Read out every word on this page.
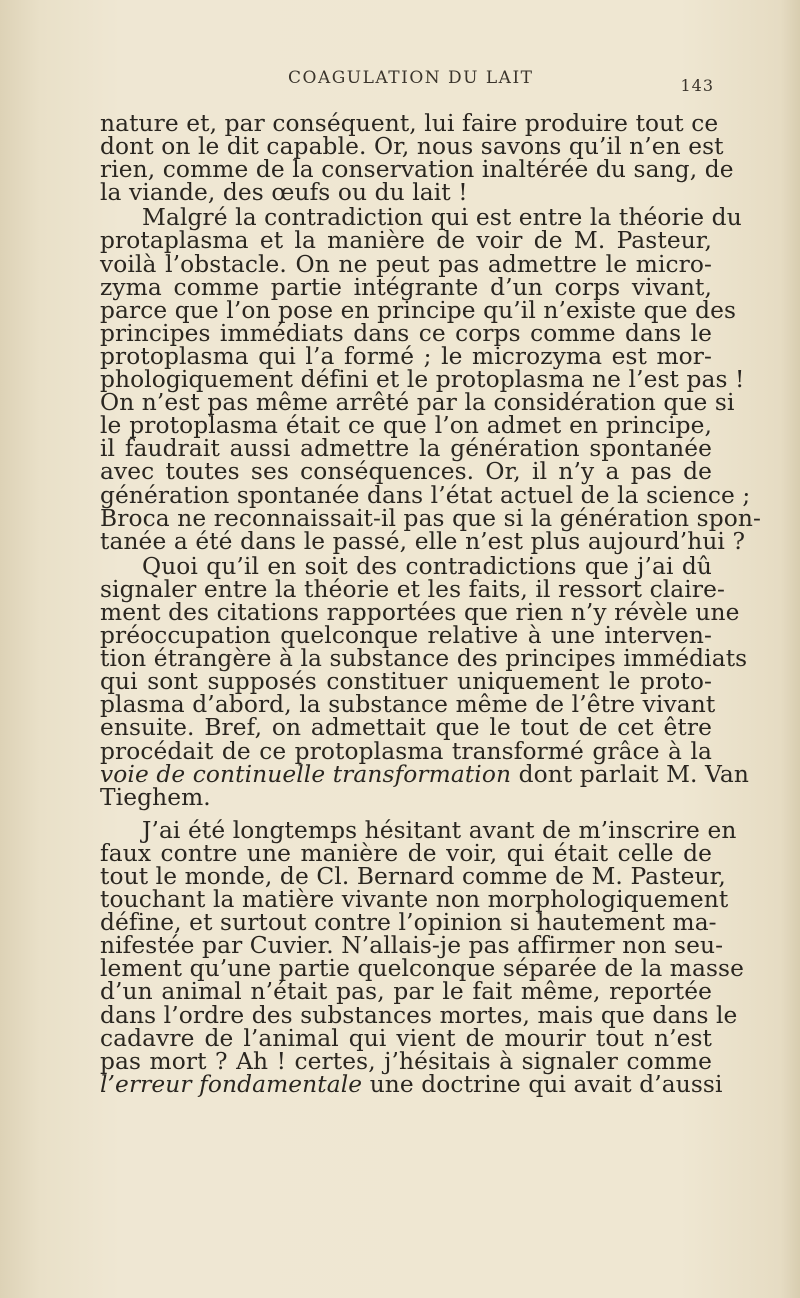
COAGULATION DU LAIT	143

nature et, par conséquent, lui faire produire tout ce
dont on le dit capable. Or, nous savons qu’il n’en est
rien, comme de la conservation inaltérée du sang, de
la viande, des œufs ou du lait !

Malgré la contradiction qui est entre la théorie du
protaplasma et la manière de voir de M. Pasteur,
voilà l’obstacle. On ne peut pas admettre le micro-
zyma comme partie intégrante d’un corps vivant,
parce que l’on pose en principe qu’il n’existe que des
principes immédiats dans ce corps comme dans le
protoplasma qui l’a formé ; le microzyma est mor-
phologiquement défini et le protoplasma ne l’est pas !
On n’est pas même arrêté par la considération que si
le protoplasma était ce que l’on admet en principe,
il faudrait aussi admettre la génération spontanée
avec toutes ses conséquences. Or, il n’y a pas de
génération spontanée dans l’état actuel de la science ;
Broca ne reconnaissait-il pas que si la génération spon-
tanée a été dans le passé, elle n’est plus aujourd’hui ?

Quoi qu’il en soit des contradictions que j’ai dû
signaler entre la théorie et les faits, il ressort claire-
ment des citations rapportées que rien n’y révèle une
préoccupation quelconque relative à une interven-
tion étrangère à la substance des principes immédiats
qui sont supposés constituer uniquement le proto-
plasma d’abord, la substance même de l’être vivant
ensuite. Bref, on admettait que le tout de cet être
procédait de ce protoplasma transformé grâce à la
voie de continuelle transformation dont parlait M. Van
Tieghem.

J’ai été longtemps hésitant avant de m’inscrire en
faux contre une manière de voir, qui était celle de
tout le monde, de Cl. Bernard comme de M. Pasteur,
touchant la matière vivante non morphologiquement
défine, et surtout contre l’opinion si hautement ma-
nifestée par Cuvier. N’allais-je pas affirmer non seu-
lement qu’une partie quelconque séparée de la masse
d’un animal n’était pas, par le fait même, reportée
dans l’ordre des substances mortes, mais que dans le
cadavre de l’animal qui vient de mourir tout n’est
pas mort ? Ah ! certes, j’hésitais à signaler comme
l’erreur fondamentale une doctrine qui avait d’aussi
